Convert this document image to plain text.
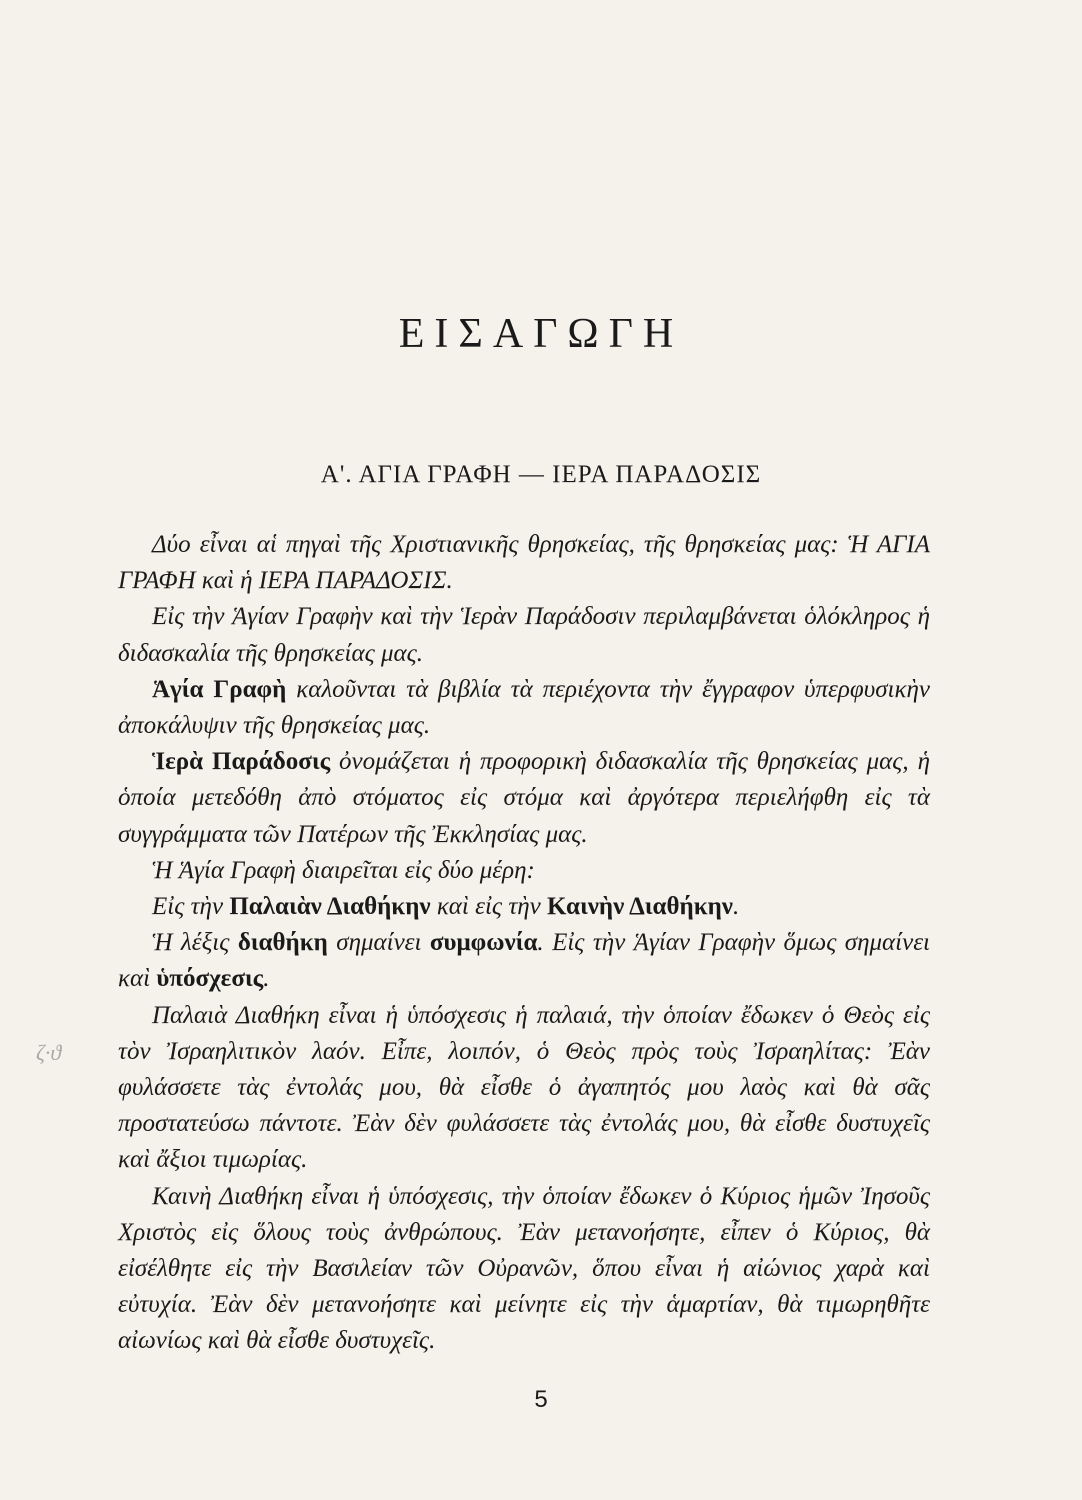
ΕΙΣΑΓΩΓΗ
Α'. ΑΓΙΑ ΓΡΑΦΗ — ΙΕΡΑ ΠΑΡΑΔΟΣΙΣ
ζ·ϑ

Δύο εἶναι αἱ πηγαὶ τῆς Χριστιανικῆς θρησκείας, τῆς θρησκείας μας: Ἡ ΑΓΙΑ ΓΡΑΦΗ καὶ ἡ ΙΕΡΑ ΠΑΡΑΔΟΣΙΣ.

Εἰς τὴν Ἁγίαν Γραφὴν καὶ τὴν Ἱερὰν Παράδοσιν περιλαμβάνεται ὁλόκληρος ἡ διδασκαλία τῆς θρησκείας μας.

Ἁγία Γραφὴ καλοῦνται τὰ βιβλία τὰ περιέχοντα τὴν ἔγγραφον ὑπερφυσικὴν ἀποκάλυψιν τῆς θρησκείας μας.

Ἱερὰ Παράδοσις ὀνομάζεται ἡ προφορικὴ διδασκαλία τῆς θρησκείας μας, ἡ ὁποία μετεδόθη ἀπὸ στόματος εἰς στόμα καὶ ἀργότερα περιελήφθη εἰς τὰ συγγράμματα τῶν Πατέρων τῆς Ἐκκλησίας μας.

Ἡ Ἁγία Γραφὴ διαιρεῖται εἰς δύο μέρη:

Εἰς τὴν Παλαιὰν Διαθήκην καὶ εἰς τὴν Καινὴν Διαθήκην.

Ἡ λέξις διαθήκη σημαίνει συμφωνία. Εἰς τὴν Ἁγίαν Γραφὴν ὅμως σημαίνει καὶ ὑπόσχεσις.

Παλαιὰ Διαθήκη εἶναι ἡ ὑπόσχεσις ἡ παλαιά, τὴν ὁποίαν ἔδωκεν ὁ Θεὸς εἰς τὸν Ἰσραηλιτικὸν λαόν. Εἶπε, λοιπόν, ὁ Θεὸς πρὸς τοὺς Ἰσραηλίτας: Ἐὰν φυλάσσετε τὰς ἐντολάς μου, θὰ εἶσθε ὁ ἀγαπητός μου λαὸς καὶ θὰ σᾶς προστατεύσω πάντοτε. Ἐὰν δὲν φυλάσσετε τὰς ἐντολάς μου, θὰ εἶσθε δυστυχεῖς καὶ ἄξιοι τιμωρίας.

Καινὴ Διαθήκη εἶναι ἡ ὑπόσχεσις, τὴν ὁποίαν ἔδωκεν ὁ Κύριος ἡμῶν Ἰησοῦς Χριστὸς εἰς ὅλους τοὺς ἀνθρώπους. Ἐὰν μετανοήσητε, εἶπεν ὁ Κύριος, θὰ εἰσέλθητε εἰς τὴν Βασιλείαν τῶν Οὐρανῶν, ὅπου εἶναι ἡ αἰώνιος χαρὰ καὶ εὐτυχία. Ἐὰν δὲν μετανοήσητε καὶ μείνητε εἰς τὴν ἁμαρτίαν, θὰ τιμωρηθῆτε αἰωνίως καὶ θὰ εἶσθε δυστυχεῖς.

5
